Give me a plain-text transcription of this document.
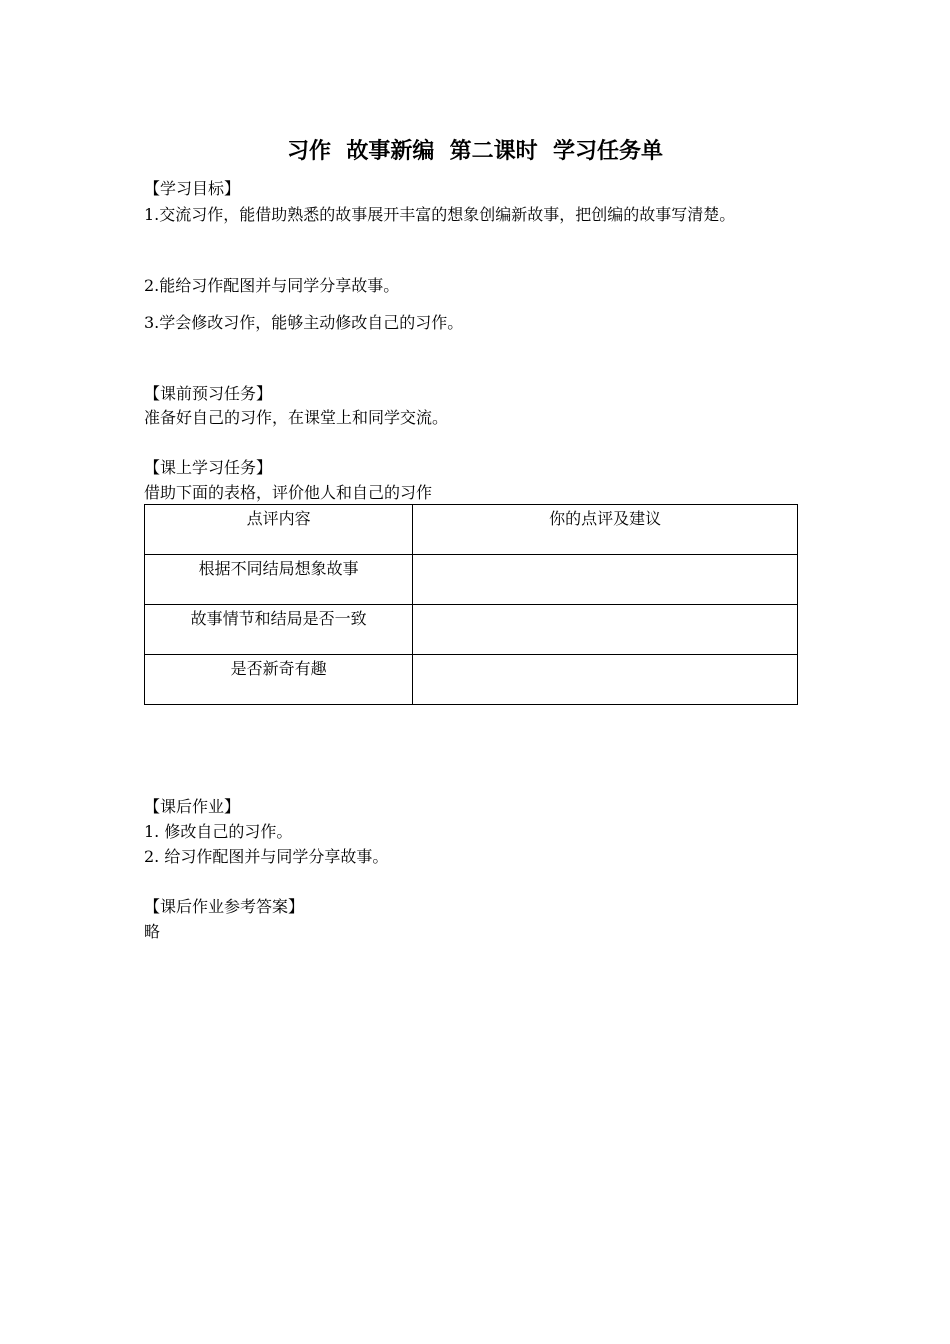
习作  故事新编  第二课时  学习任务单
【学习目标】
1.交流习作，能借助熟悉的故事展开丰富的想象创编新故事，把创编的故事写清楚。
2.能给习作配图并与同学分享故事。
3.学会修改习作，能够主动修改自己的习作。
【课前预习任务】
准备好自己的习作，在课堂上和同学交流。
【课上学习任务】
借助下面的表格，评价他人和自己的习作
点评内容	你的点评及建议
根据不同结局想象故事	
故事情节和结局是否一致	
是否新奇有趣	
【课后作业】
1. 修改自己的习作。
2. 给习作配图并与同学分享故事。
【课后作业参考答案】
略
